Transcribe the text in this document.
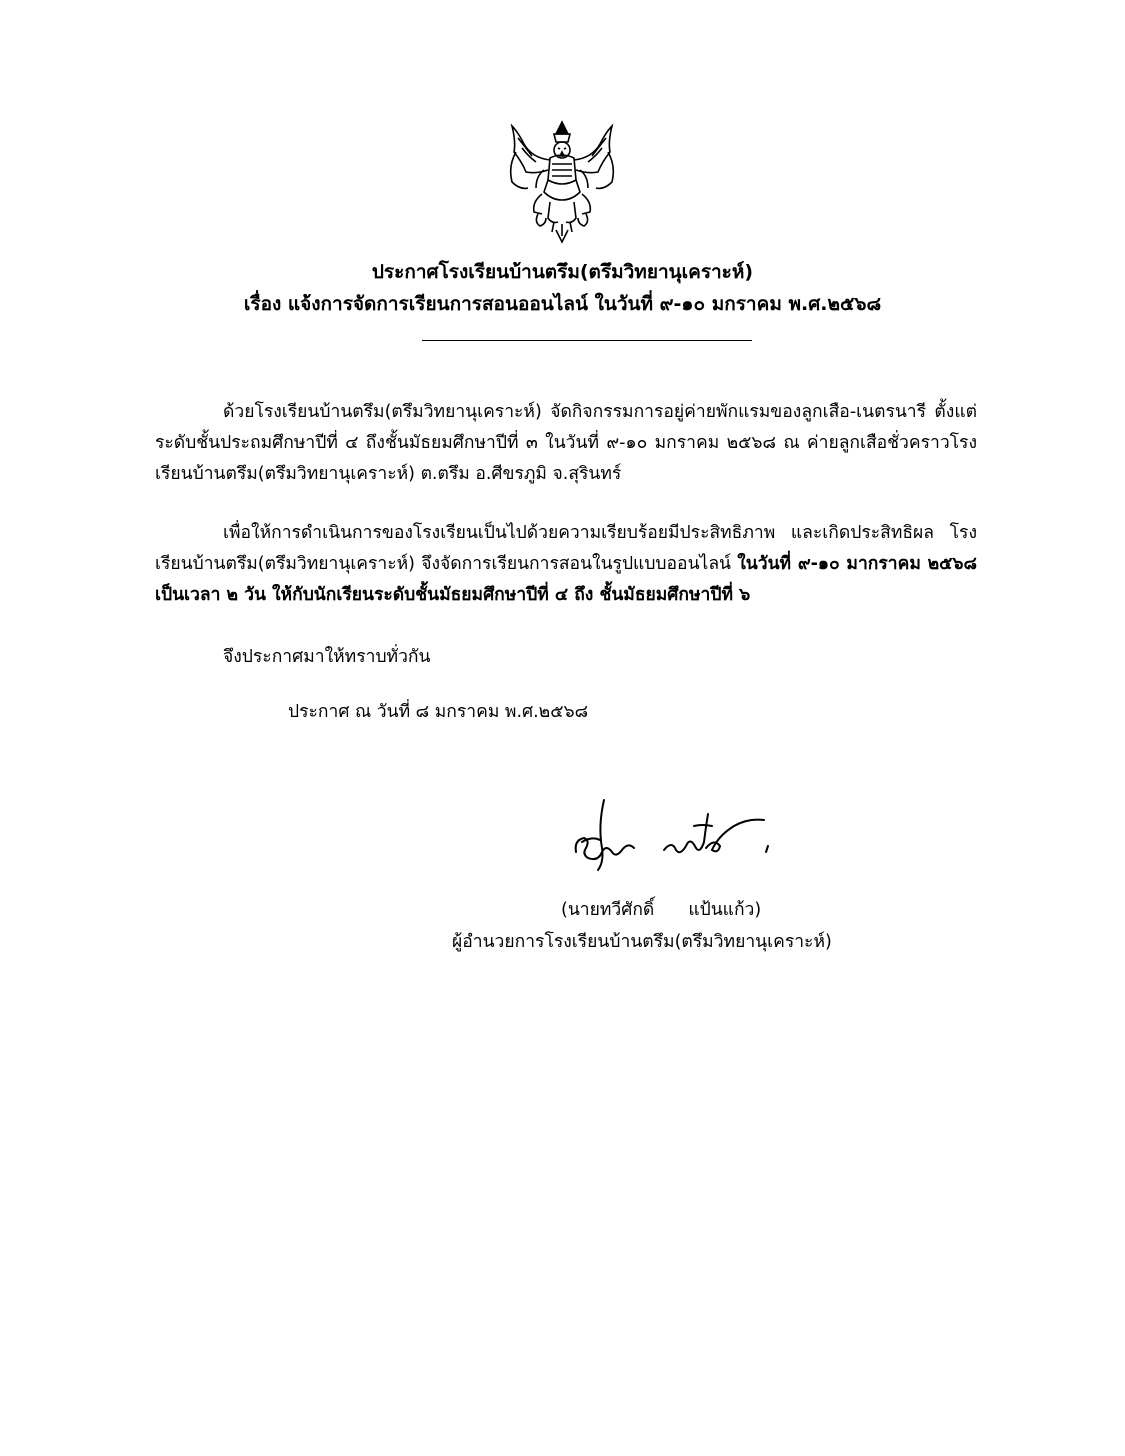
ประกาศโรงเรียนบ้านตรึม(ตรึมวิทยานุเคราะห์)
เรื่อง แจ้งการจัดการเรียนการสอนออนไลน์ ในวันที่ ๙-๑๐ มกราคม พ.ศ.๒๕๖๘
ด้วยโรงเรียนบ้านตรึม(ตรึมวิทยานุเคราะห์) จัดกิจกรรมการอยู่ค่ายพักแรมของลูกเสือ-เนตรนารี ตั้งแต่ระดับชั้นประถมศึกษาปีที่ ๔ ถึงชั้นมัธยมศึกษาปีที่ ๓ ในวันที่ ๙-๑๐ มกราคม ๒๕๖๘ ณ ค่ายลูกเสือชั่วคราวโรงเรียนบ้านตรึม(ตรึมวิทยานุเคราะห์) ต.ตรึม อ.ศีขรภูมิ จ.สุรินทร์
เพื่อให้การดำเนินการของโรงเรียนเป็นไปด้วยความเรียบร้อยมีประสิทธิภาพ และเกิดประสิทธิผล โรงเรียนบ้านตรึม(ตรึมวิทยานุเคราะห์) จึงจัดการเรียนการสอนในรูปแบบออนไลน์ ในวันที่ ๙-๑๐ มากราคม ๒๕๖๘ เป็นเวลา ๒ วัน ให้กับนักเรียนระดับชั้นมัธยมศึกษาปีที่ ๔ ถึง ชั้นมัธยมศึกษาปีที่ ๖
จึงประกาศมาให้ทราบทั่วกัน
ประกาศ ณ วันที่ ๘ มกราคม พ.ศ.๒๕๖๘
(นายทวีศักดิ์ แป้นแก้ว)
ผู้อำนวยการโรงเรียนบ้านตรึม(ตรึมวิทยานุเคราะห์)
